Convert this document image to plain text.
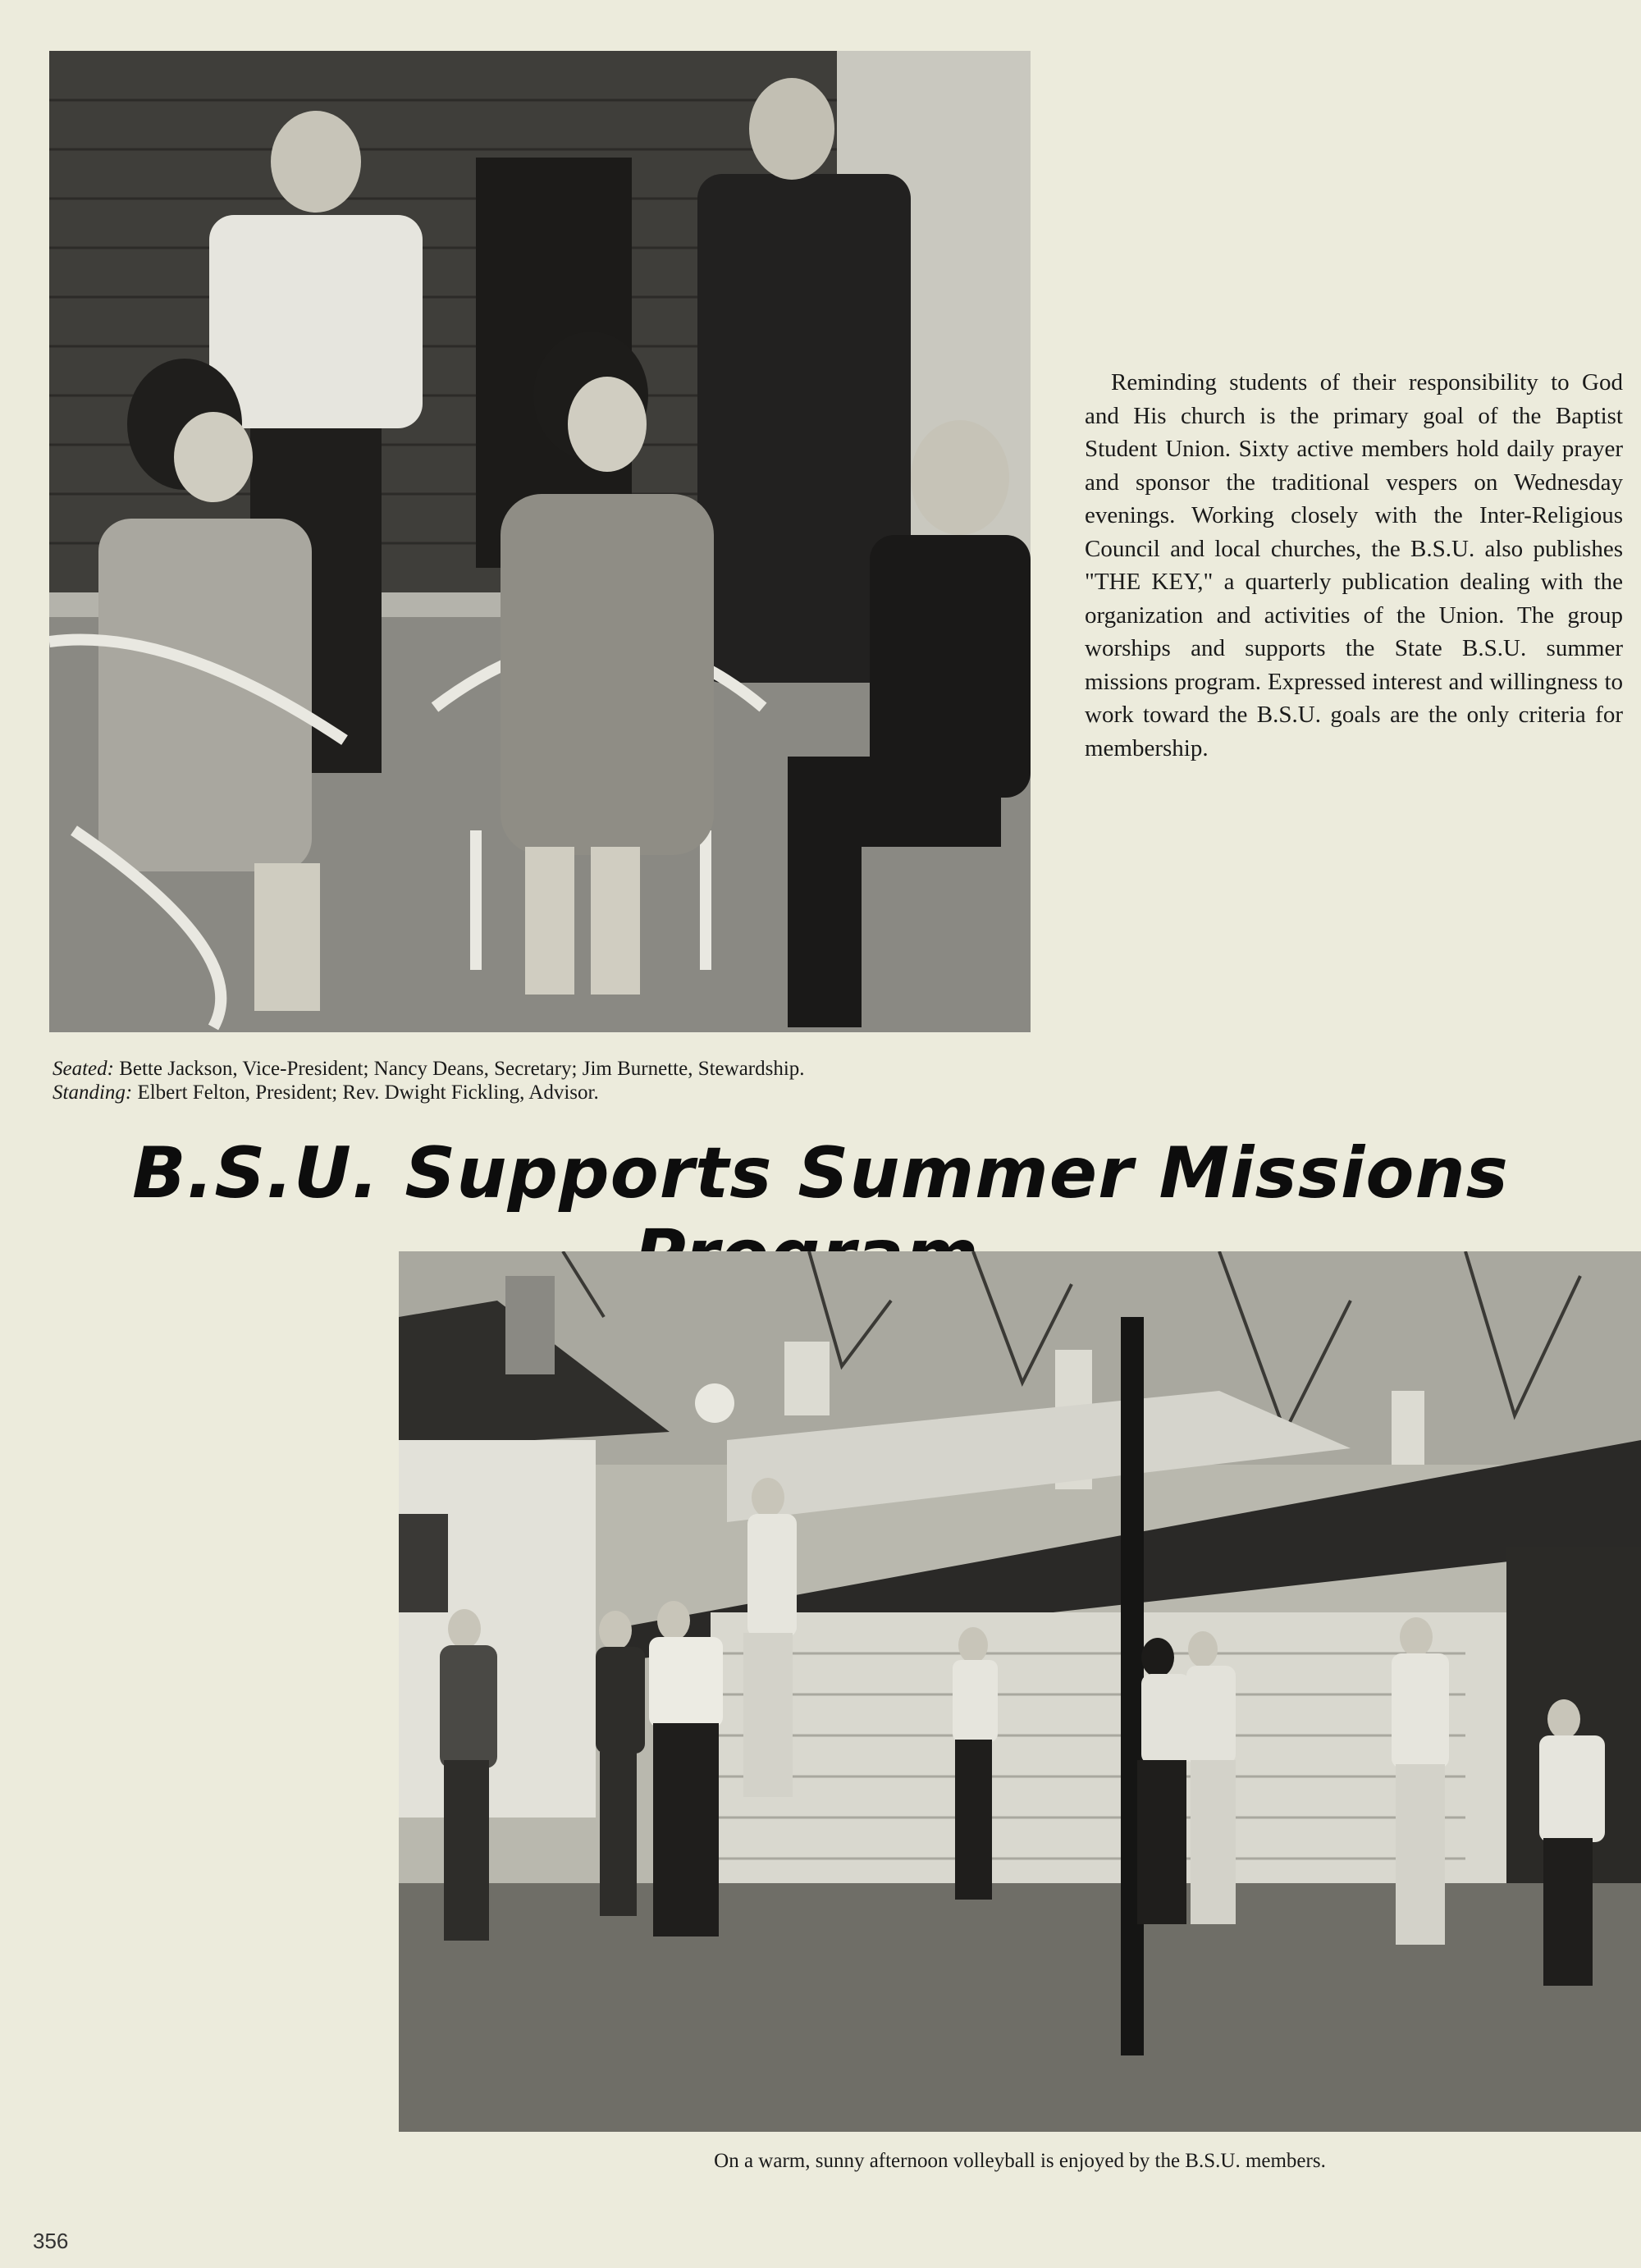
Reminding students of their responsibility to God and His church is the primary goal of the Baptist Student Union. Sixty active members hold daily prayer and sponsor the traditional vespers on Wednesday evenings. Working closely with the Inter-Religious Council and local churches, the B.S.U. also publishes "THE KEY," a quarterly publication dealing with the organization and activities of the Union. The group worships and supports the State B.S.U. summer missions program. Expressed interest and willingness to work toward the B.S.U. goals are the only criteria for membership.

Seated: Bette Jackson, Vice-President; Nancy Deans, Secretary; Jim Burnette, Stewardship.
Standing: Elbert Felton, President; Rev. Dwight Fickling, Advisor.
B.S.U. Supports Summer Missions

On a warm, sunny afternoon volleyball is enjoyed by the B.S.U. members.

356
